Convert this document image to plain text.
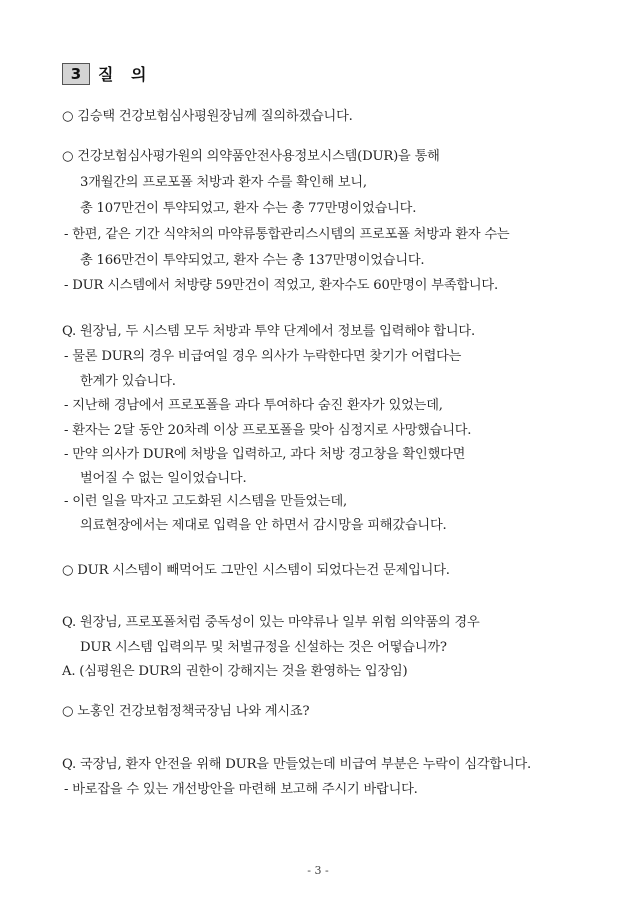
3	질 의
○ 김승택 건강보험심사평원장님께 질의하겠습니다.
○ 건강보험심사평가원의 의약품안전사용정보시스템(DUR)을 통해
3개월간의 프로포폴 처방과 환자 수를 확인해 보니,
총 107만건이 투약되었고, 환자 수는 총 77만명이었습니다.
- 한편, 같은 기간 식약처의 마약류통합관리스시템의 프로포폴 처방과 환자 수는
총 166만건이 투약되었고, 환자 수는 총 137만명이었습니다.
- DUR 시스템에서 처방량 59만건이 적었고, 환자수도 60만명이 부족합니다.
Q. 원장님, 두 시스템 모두 처방과 투약 단계에서 정보를 입력해야 합니다.
- 물론 DUR의 경우 비급여일 경우 의사가 누락한다면 찾기가 어렵다는
한계가 있습니다.
- 지난해 경남에서 프로포폴을 과다 투여하다 숨진 환자가 있었는데,
- 환자는 2달 동안 20차례 이상 프로포폴을 맞아 심정지로 사망했습니다.
- 만약 의사가 DUR에 처방을 입력하고, 과다 처방 경고창을 확인했다면
벌어질 수 없는 일이었습니다.
- 이런 일을 막자고 고도화된 시스템을 만들었는데,
의료현장에서는 제대로 입력을 안 하면서 감시망을 피해갔습니다.
○ DUR 시스템이 빼먹어도 그만인 시스템이 되었다는건 문제입니다.
Q. 원장님, 프로포폴처럼 중독성이 있는 마약류나 일부 위험 의약품의 경우
DUR 시스템 입력의무 및 처벌규정을 신설하는 것은 어떻습니까?
A. (심평원은 DUR의 권한이 강해지는 것을 환영하는 입장임)
○ 노홍인 건강보험정책국장님 나와 계시죠?
Q. 국장님, 환자 안전을 위해 DUR을 만들었는데 비급여 부분은 누락이 심각합니다.
- 바로잡을 수 있는 개선방안을 마련해 보고해 주시기 바랍니다.
- 3 -
